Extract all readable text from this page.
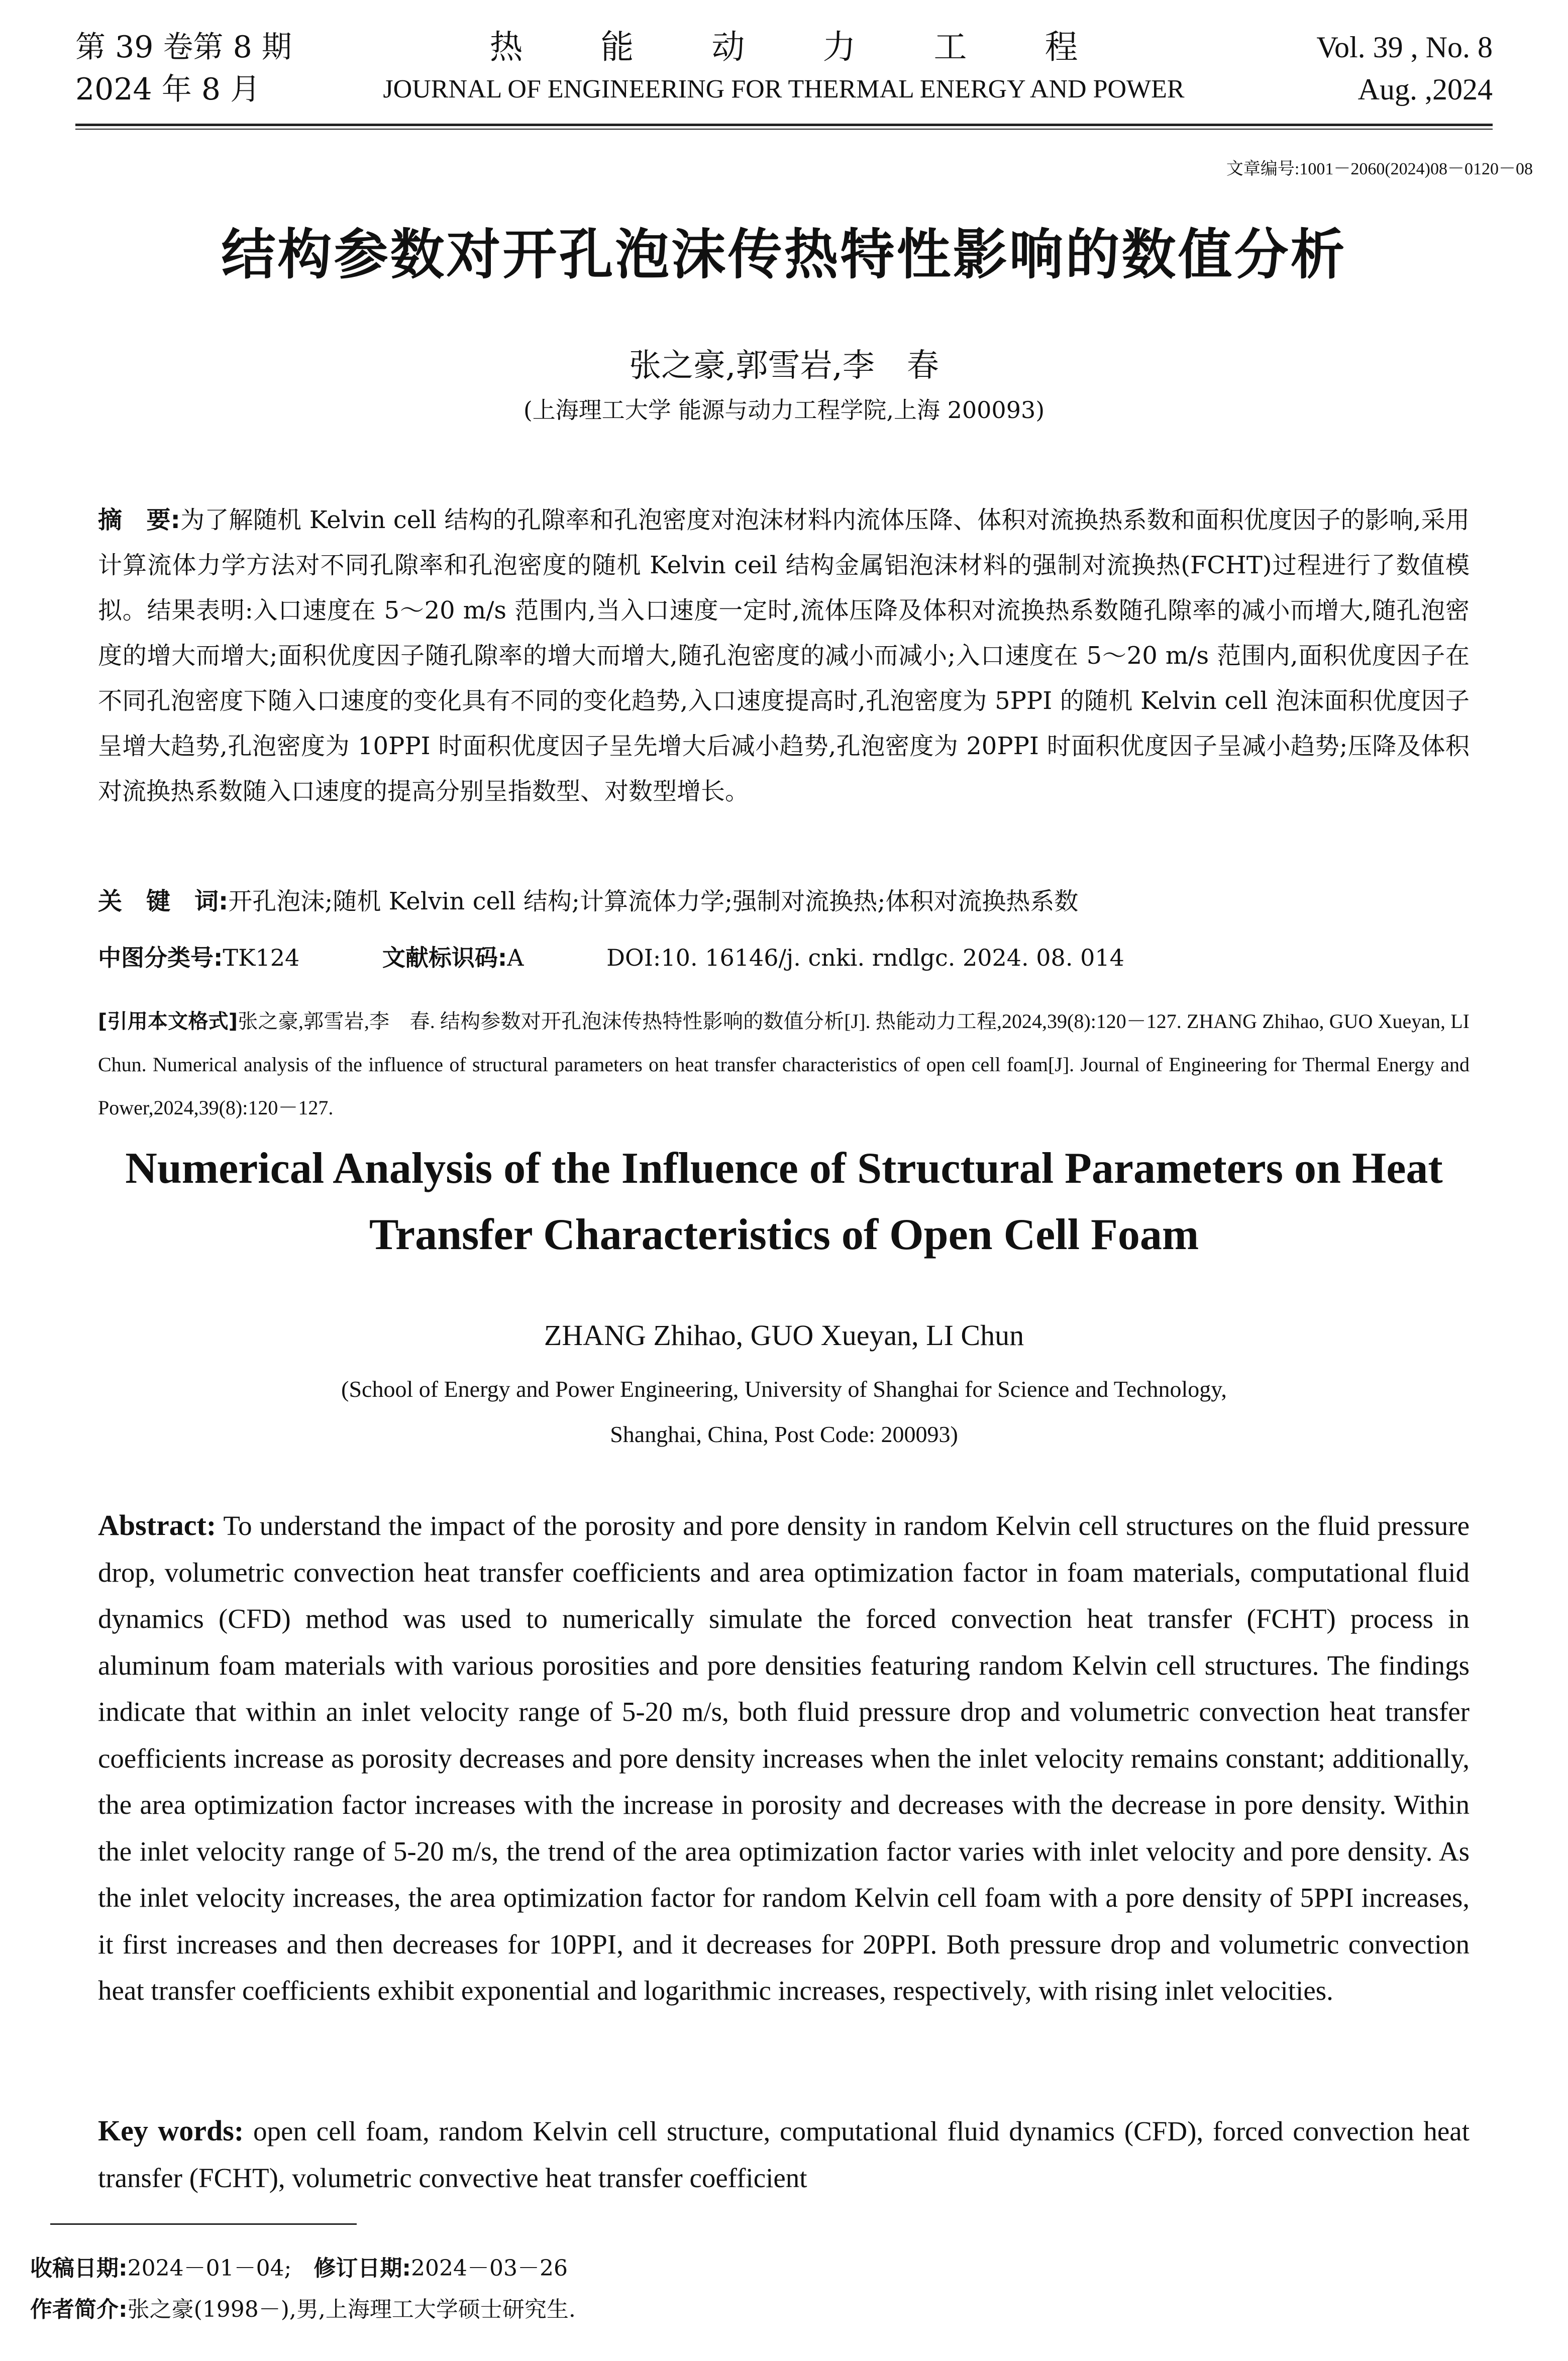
第 39 卷第 8 期
2024 年 8 月
热能动力工程
JOURNAL OF ENGINEERING FOR THERMAL ENERGY AND POWER
Vol. 39 , No. 8
Aug. ,2024
文章编号:1001－2060(2024)08－0120－08
结构参数对开孔泡沫传热特性影响的数值分析
张之豪,郭雪岩,李　春
(上海理工大学 能源与动力工程学院,上海 200093)
摘　要:为了解随机 Kelvin cell 结构的孔隙率和孔泡密度对泡沫材料内流体压降、体积对流换热系数和面积优度因子的影响,采用计算流体力学方法对不同孔隙率和孔泡密度的随机 Kelvin ceil 结构金属铝泡沫材料的强制对流换热(FCHT)过程进行了数值模拟。结果表明:入口速度在 5～20 m/s 范围内,当入口速度一定时,流体压降及体积对流换热系数随孔隙率的减小而增大,随孔泡密度的增大而增大;面积优度因子随孔隙率的增大而增大,随孔泡密度的减小而减小;入口速度在 5～20 m/s 范围内,面积优度因子在不同孔泡密度下随入口速度的变化具有不同的变化趋势,入口速度提高时,孔泡密度为 5PPI 的随机 Kelvin cell 泡沫面积优度因子呈增大趋势,孔泡密度为 10PPI 时面积优度因子呈先增大后减小趋势,孔泡密度为 20PPI 时面积优度因子呈减小趋势;压降及体积对流换热系数随入口速度的提高分别呈指数型、对数型增长。
关　键　词:开孔泡沫;随机 Kelvin cell 结构;计算流体力学;强制对流换热;体积对流换热系数
中图分类号:TK124	文献标识码:A	DOI:10. 16146/j. cnki. rndlgc. 2024. 08. 014
[引用本文格式]张之豪,郭雪岩,李　春. 结构参数对开孔泡沫传热特性影响的数值分析[J]. 热能动力工程,2024,39(8):120－127. ZHANG Zhihao, GUO Xueyan, LI Chun. Numerical analysis of the influence of structural parameters on heat transfer characteristics of open cell foam[J]. Journal of Engineering for Thermal Energy and Power,2024,39(8):120－127.
Numerical Analysis of the Influence of Structural Parameters on Heat Transfer Characteristics of Open Cell Foam
ZHANG Zhihao, GUO Xueyan, LI Chun
(School of Energy and Power Engineering, University of Shanghai for Science and Technology,
Shanghai, China, Post Code: 200093)
Abstract: To understand the impact of the porosity and pore density in random Kelvin cell structures on the fluid pressure drop, volumetric convection heat transfer coefficients and area optimization factor in foam materials, computational fluid dynamics (CFD) method was used to numerically simulate the forced convection heat transfer (FCHT) process in aluminum foam materials with various porosities and pore densities featuring random Kelvin cell structures. The findings indicate that within an inlet velocity range of 5-20 m/s, both fluid pressure drop and volumetric convection heat transfer coefficients increase as porosity decreases and pore density increases when the inlet velocity remains constant; additionally, the area optimization factor increases with the increase in porosity and decreases with the decrease in pore density. Within the inlet velocity range of 5-20 m/s, the trend of the area optimization factor varies with inlet velocity and pore density. As the inlet velocity increases, the area optimization factor for random Kelvin cell foam with a pore density of 5PPI increases, it first increases and then decreases for 10PPI, and it decreases for 20PPI. Both pressure drop and volumetric convection heat transfer coefficients exhibit exponential and logarithmic increases, respectively, with rising inlet velocities.
Key words: open cell foam, random Kelvin cell structure, computational fluid dynamics (CFD), forced convection heat transfer (FCHT), volumetric convective heat transfer coefficient
收稿日期:2024－01－04;  修订日期:2024－03－26
作者简介:张之豪(1998－),男,上海理工大学硕士研究生.
